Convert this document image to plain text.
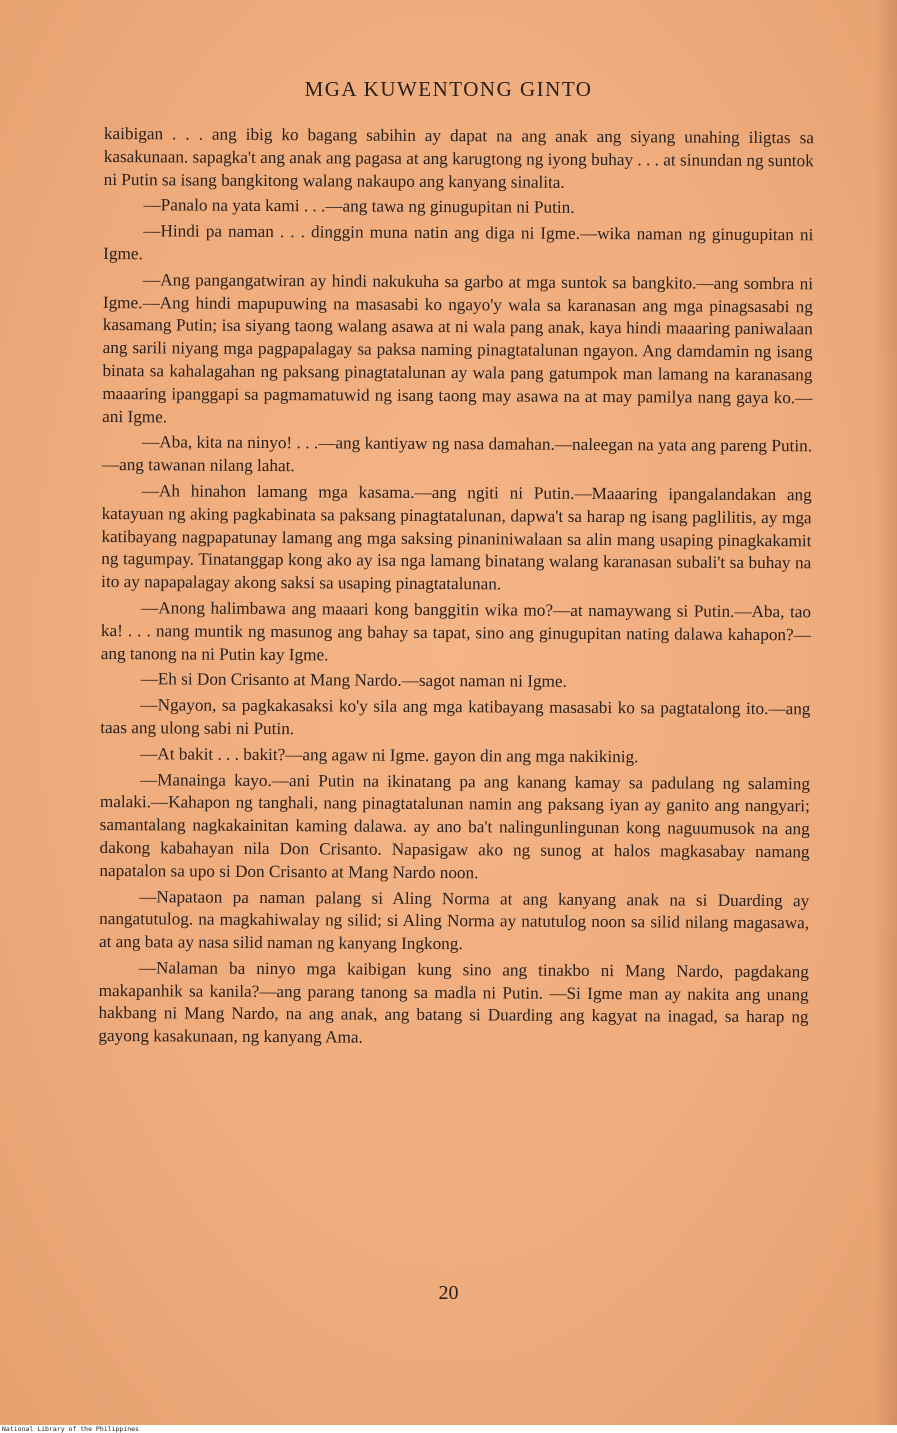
MGA KUWENTONG GINTO

kaibigan . . . ang ibig ko bagang sabihin ay dapat na ang anak ang siyang unahing iligtas sa kasakunaan. sapagka't ang anak ang pagasa at ang karugtong ng iyong buhay . . . at sinundan ng suntok ni Putin sa isang bangkitong walang nakaupo ang kanyang sinalita.

—Panalo na yata kami . . .—ang tawa ng ginugupitan ni Putin.

—Hindi pa naman . . . dinggin muna natin ang diga ni Igme.—wika naman ng ginugupitan ni Igme.

—Ang pangangatwiran ay hindi nakukuha sa garbo at mga suntok sa bangkito.—ang sombra ni Igme.—Ang hindi mapupuwing na masasabi ko ngayo'y wala sa karanasan ang mga pinagsasabi ng kasamang Putin; isa siyang taong walang asawa at ni wala pang anak, kaya hindi maaaring paniwalaan ang sarili niyang mga pagpapalagay sa paksa naming pinagtatalunan ngayon. Ang damdamin ng isang binata sa kahalagahan ng paksang pinagtatalunan ay wala pang gatumpok man lamang na karanasang maaaring ipanggapi sa pagmamatuwid ng isang taong may asawa na at may pamilya nang gaya ko.—ani Igme.

—Aba, kita na ninyo! . . .—ang kantiyaw ng nasa damahan.—naleegan na yata ang pareng Putin.—ang tawanan nilang lahat.

—Ah hinahon lamang mga kasama.—ang ngiti ni Putin.—Maaaring ipangalandakan ang katayuan ng aking pagkabinata sa paksang pinagtatalunan, dapwa't sa harap ng isang paglilitis, ay mga katibayang nagpapatunay lamang ang mga saksing pinaniniwalaan sa alin mang usaping pinagkakamit ng tagumpay. Tinatanggap kong ako ay isa nga lamang binatang walang karanasan subali't sa buhay na ito ay napapalagay akong saksi sa usaping pinagtatalunan.

—Anong halimbawa ang maaari kong banggitin wika mo?—at namaywang si Putin.—Aba, tao ka! . . . nang muntik ng masunog ang bahay sa tapat, sino ang ginugupitan nating dalawa kahapon?—ang tanong na ni Putin kay Igme.

—Eh si Don Crisanto at Mang Nardo.—sagot naman ni Igme.

—Ngayon, sa pagkakasaksi ko'y sila ang mga katibayang masasabi ko sa pagtatalong ito.—ang taas ang ulong sabi ni Putin.

—At bakit . . . bakit?—ang agaw ni Igme. gayon din ang mga nakikinig.

—Manainga kayo.—ani Putin na ikinatang pa ang kanang kamay sa padulang ng salaming malaki.—Kahapon ng tanghali, nang pinagtatalunan namin ang paksang iyan ay ganito ang nangyari; samantalang nagkakainitan kaming dalawa. ay ano ba't nalingunlingunan kong naguumusok na ang dakong kabahayan nila Don Crisanto. Napasigaw ako ng sunog at halos magkasabay namang napatalon sa upo si Don Crisanto at Mang Nardo noon.

—Napataon pa naman palang si Aling Norma at ang kanyang anak na si Duarding ay nangatutulog. na magkahiwalay ng silid; si Aling Norma ay natutulog noon sa silid nilang magasawa, at ang bata ay nasa silid naman ng kanyang Ingkong.

—Nalaman ba ninyo mga kaibigan kung sino ang tinakbo ni Mang Nardo, pagdakang makapanhik sa kanila?—ang parang tanong sa madla ni Putin. —Si Igme man ay nakita ang unang hakbang ni Mang Nardo, na ang anak, ang batang si Duarding ang kagyat na inagad, sa harap ng gayong kasakunaan, ng kanyang Ama.

20
National Library of the Philippines
